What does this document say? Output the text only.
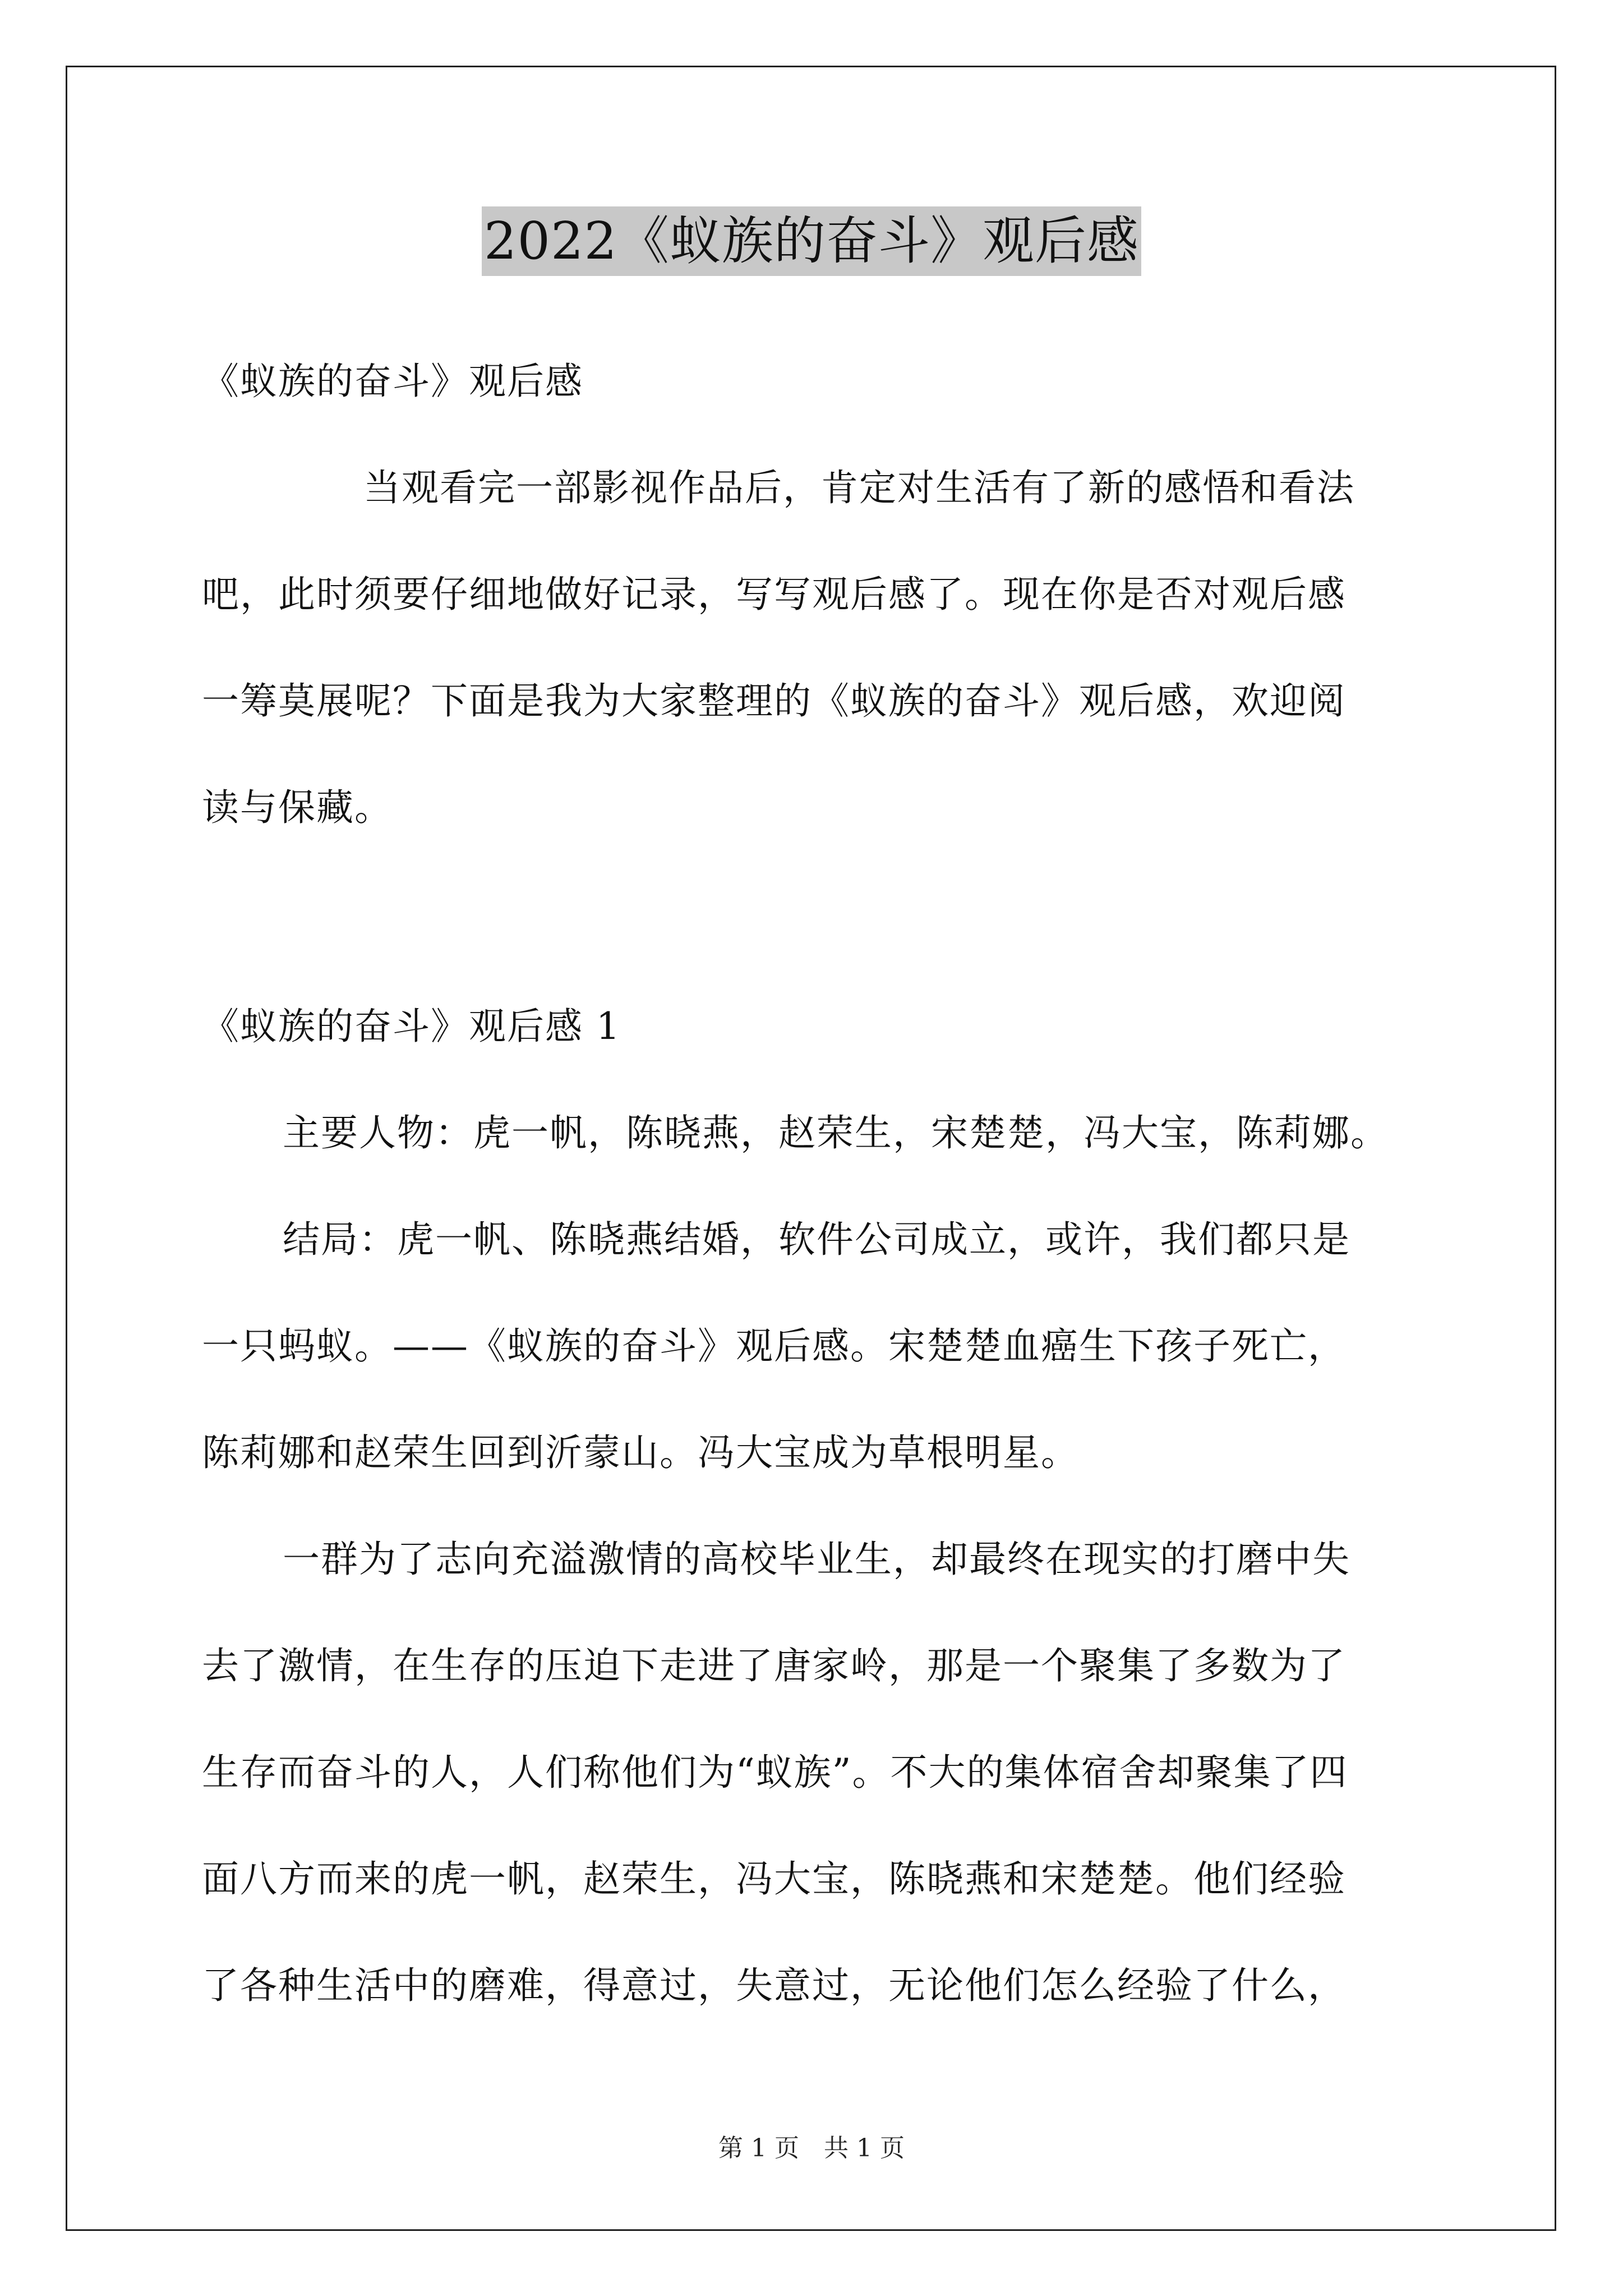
2022《蚁族的奋斗》观后感
《蚁族的奋斗》观后感
当观看完一部影视作品后，肯定对生活有了新的感悟和看法
吧，此时须要仔细地做好记录，写写观后感了。现在你是否对观后感
一筹莫展呢？下面是我为大家整理的《蚁族的奋斗》观后感，欢迎阅
读与保藏。
《蚁族的奋斗》观后感 1
主要人物：虎一帆，陈晓燕，赵荣生，宋楚楚，冯大宝，陈莉娜。
结局：虎一帆、陈晓燕结婚，软件公司成立，或许，我们都只是
一只蚂蚁。——《蚁族的奋斗》观后感。宋楚楚血癌生下孩子死亡，
陈莉娜和赵荣生回到沂蒙山。冯大宝成为草根明星。
一群为了志向充溢激情的高校毕业生，却最终在现实的打磨中失
去了激情，在生存的压迫下走进了唐家岭，那是一个聚集了多数为了
生存而奋斗的人，人们称他们为“蚁族”。不大的集体宿舍却聚集了四
面八方而来的虎一帆，赵荣生，冯大宝，陈晓燕和宋楚楚。他们经验
了各种生活中的磨难，得意过，失意过，无论他们怎么经验了什么，
第 1 页　共 1 页
